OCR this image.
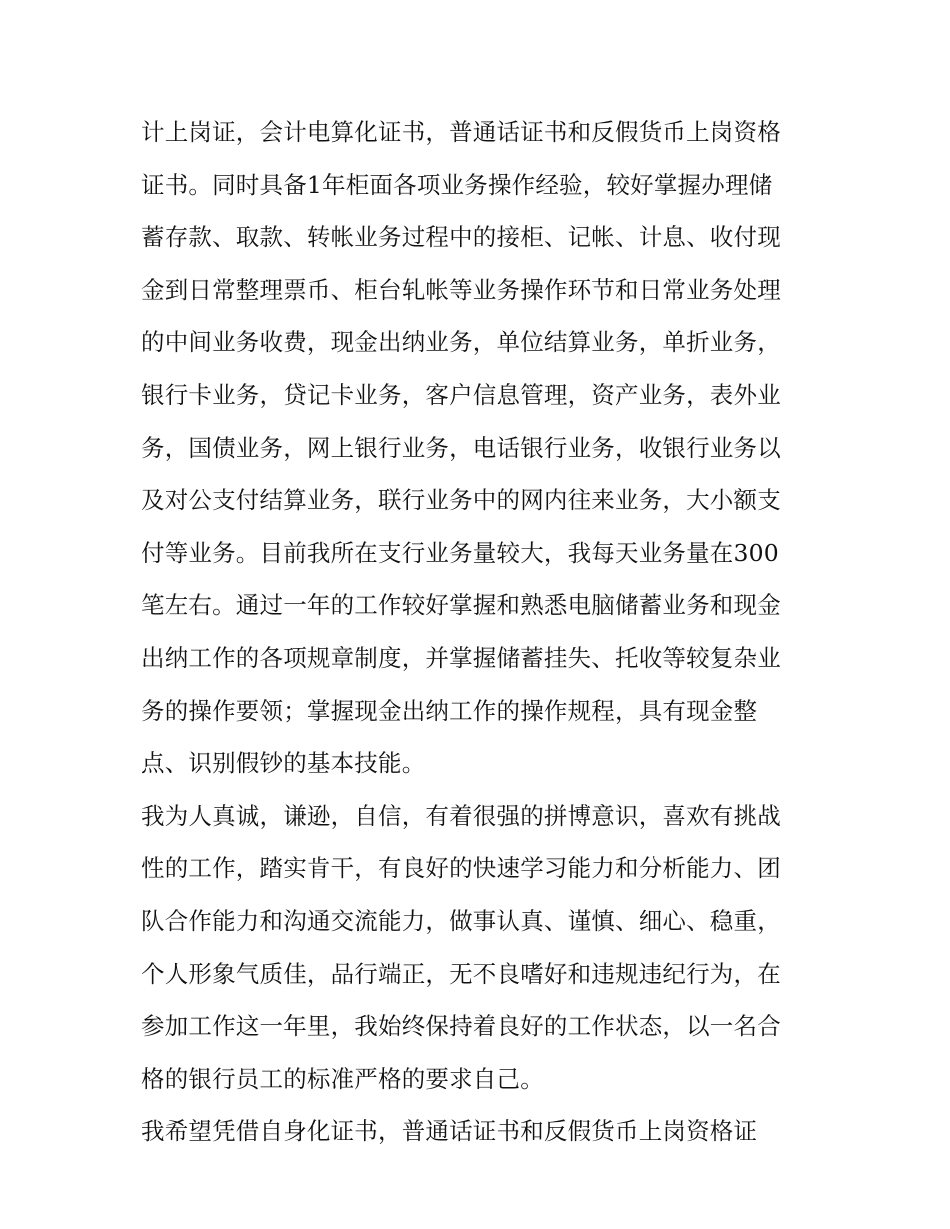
计上岗证，会计电算化证书，普通话证书和反假货币上岗资格
证书。同时具备1年柜面各项业务操作经验，较好掌握办理储
蓄存款、取款、转帐业务过程中的接柜、记帐、计息、收付现
金到日常整理票币、柜台轧帐等业务操作环节和日常业务处理
的中间业务收费，现金出纳业务，单位结算业务，单折业务，
银行卡业务，贷记卡业务，客户信息管理，资产业务，表外业
务，国债业务，网上银行业务，电话银行业务，收银行业务以
及对公支付结算业务，联行业务中的网内往来业务，大小额支
付等业务。目前我所在支行业务量较大，我每天业务量在300
笔左右。通过一年的工作较好掌握和熟悉电脑储蓄业务和现金
出纳工作的各项规章制度，并掌握储蓄挂失、托收等较复杂业
务的操作要领；掌握现金出纳工作的操作规程，具有现金整
点、识别假钞的基本技能。
我为人真诚，谦逊，自信，有着很强的拼博意识，喜欢有挑战
性的工作，踏实肯干，有良好的快速学习能力和分析能力、团
队合作能力和沟通交流能力，做事认真、谨慎、细心、稳重，
个人形象气质佳，品行端正，无不良嗜好和违规违纪行为，在
参加工作这一年里，我始终保持着良好的工作状态，以一名合
格的银行员工的标准严格的要求自己。
我希望凭借自身化证书，普通话证书和反假货币上岗资格证
